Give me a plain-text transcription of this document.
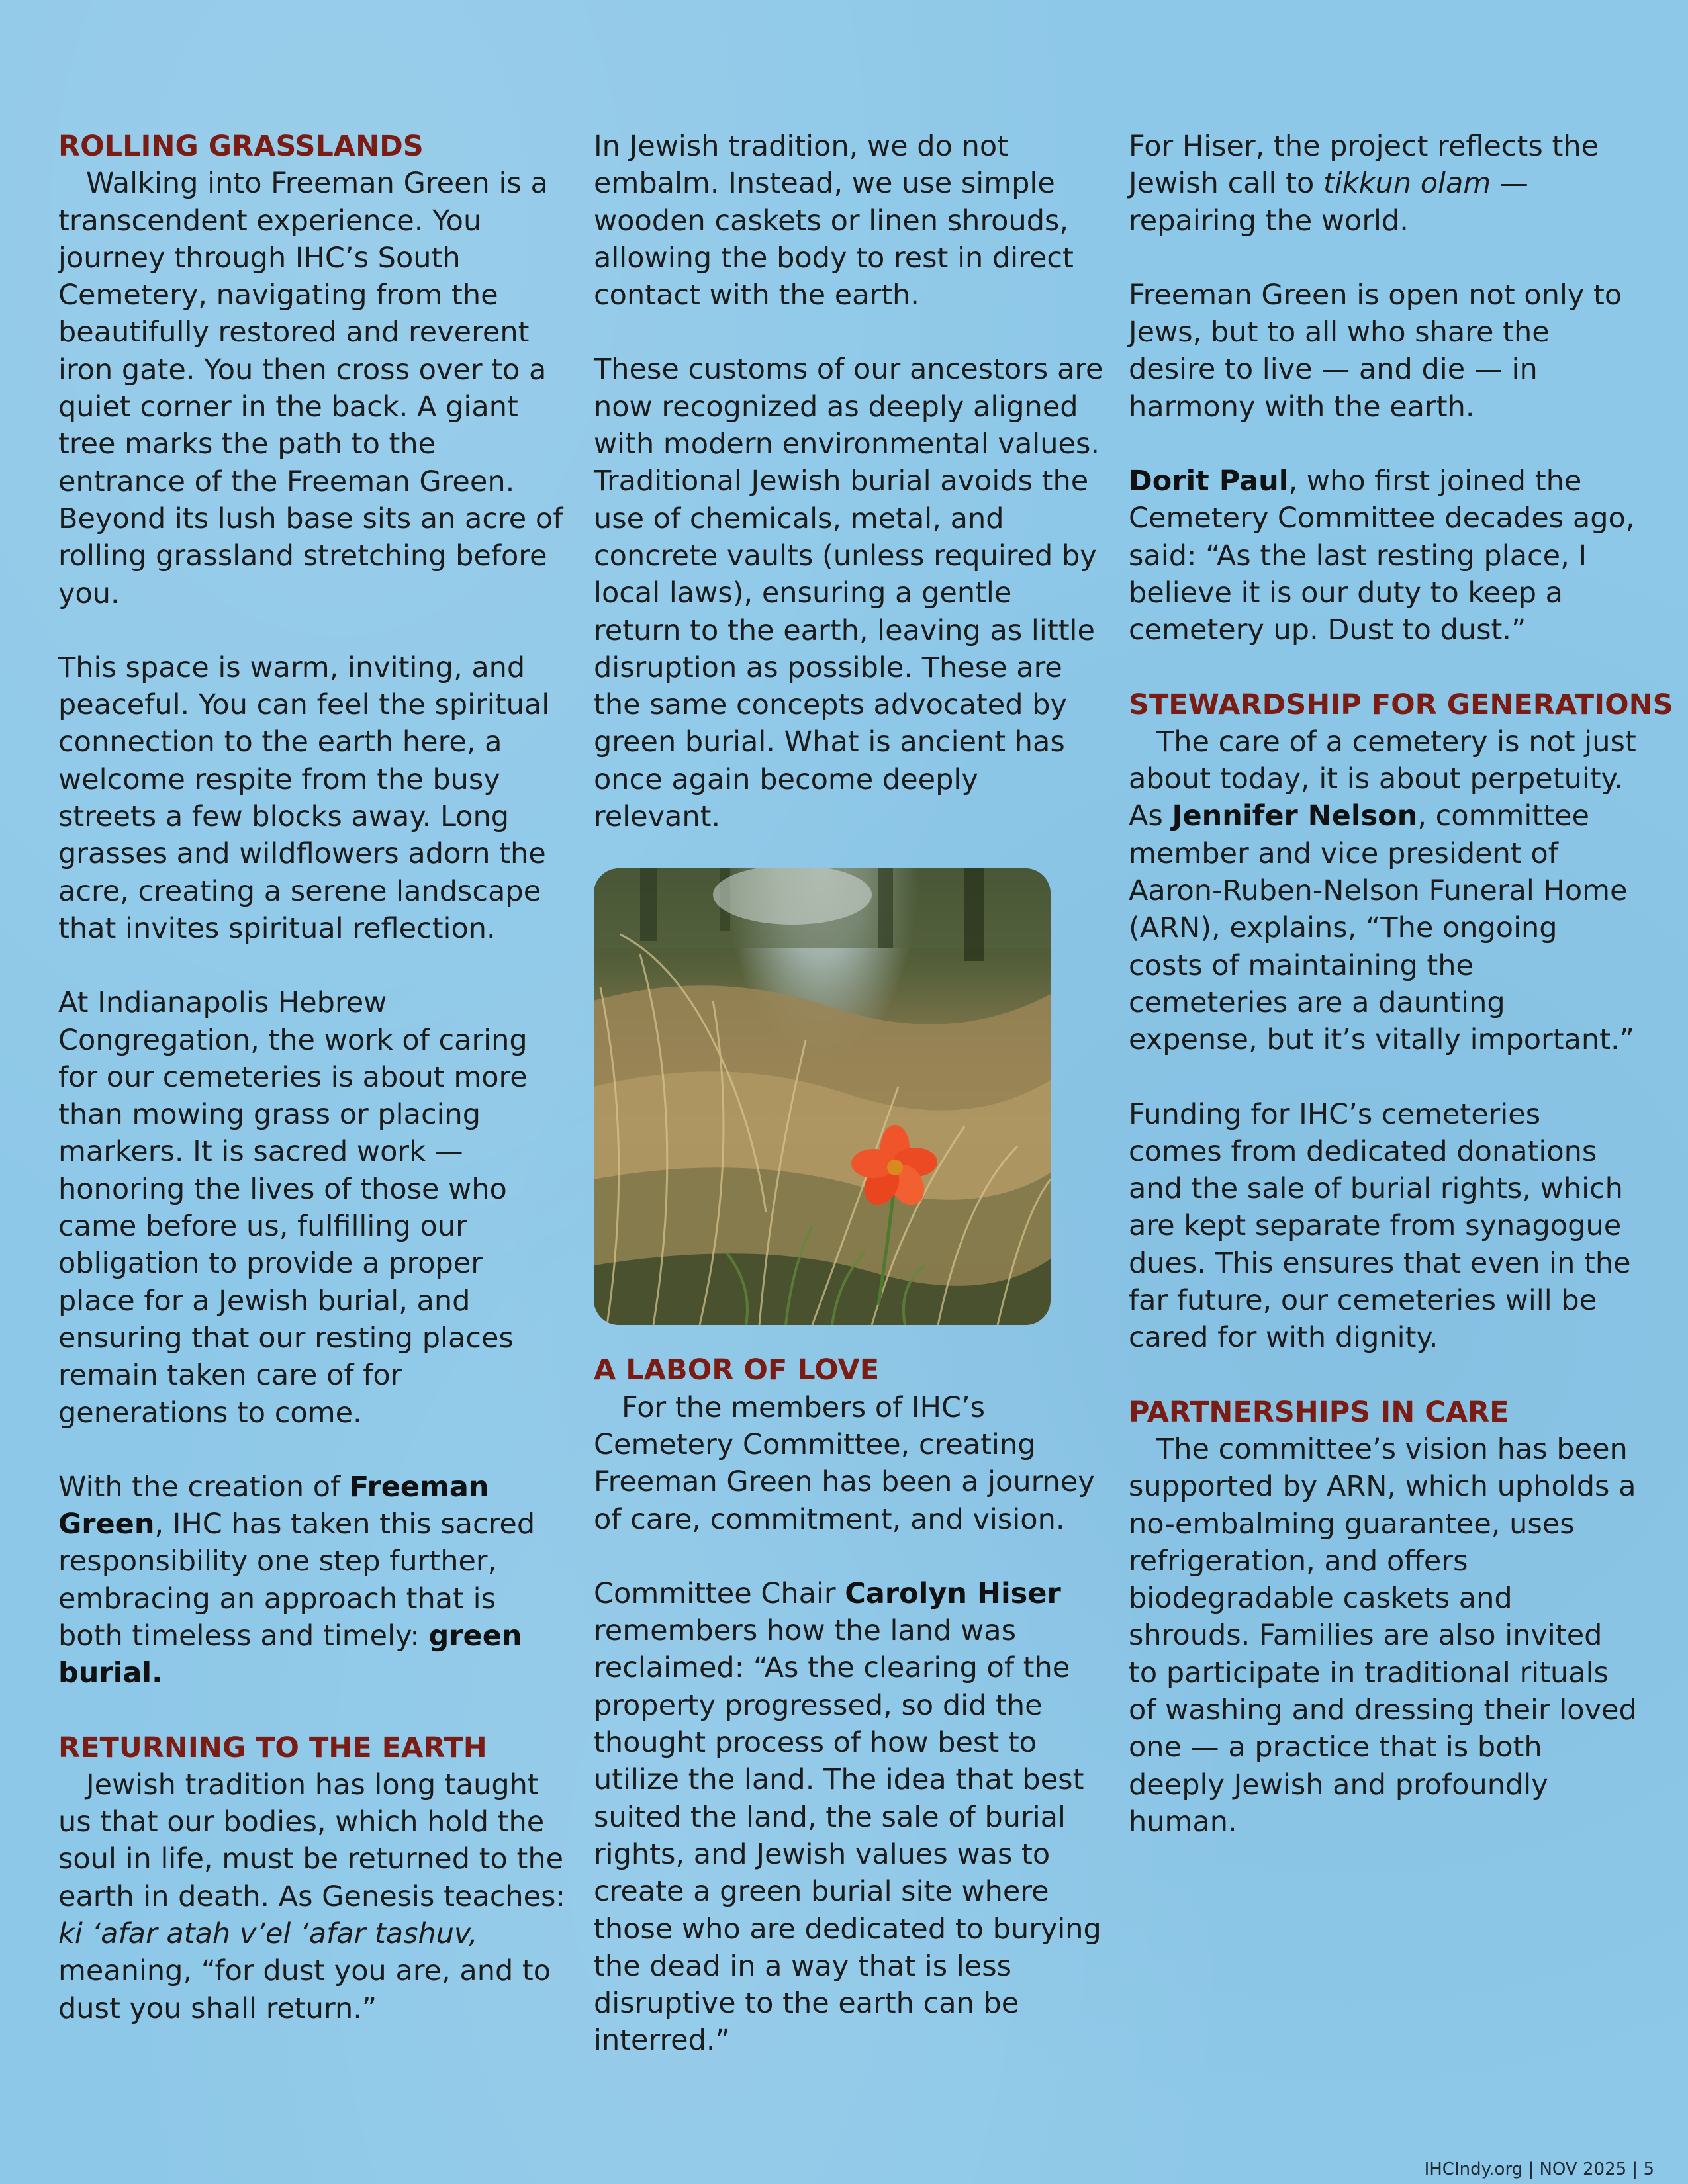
ROLLING GRASSLANDS

Walking into Freeman Green is a transcendent experience. You journey through IHC’s South Cemetery, navigating from the beautifully restored and reverent iron gate. You then cross over to a quiet corner in the back. A giant tree marks the path to the entrance of the Freeman Green. Beyond its lush base sits an acre of rolling grassland stretching before you.

This space is warm, inviting, and peaceful. You can feel the spiritual connection to the earth here, a welcome respite from the busy streets a few blocks away. Long grasses and wildflowers adorn the acre, creating a serene landscape that invites spiritual reflection.

At Indianapolis Hebrew Congregation, the work of caring for our cemeteries is about more than mowing grass or placing markers. It is sacred work — honoring the lives of those who came before us, fulfilling our obligation to provide a proper place for a Jewish burial, and ensuring that our resting places remain taken care of for generations to come.

With the creation of Freeman Green, IHC has taken this sacred responsibility one step further, embracing an approach that is both timeless and timely: green burial.

RETURNING TO THE EARTH

Jewish tradition has long taught us that our bodies, which hold the soul in life, must be returned to the earth in death. As Genesis teaches: ki ‘afar atah v’el ‘afar tashuv, meaning, “for dust you are, and to dust you shall return.”

In Jewish tradition, we do not embalm. Instead, we use simple wooden caskets or linen shrouds, allowing the body to rest in direct contact with the earth.

These customs of our ancestors are now recognized as deeply aligned with modern environmental values. Traditional Jewish burial avoids the use of chemicals, metal, and concrete vaults (unless required by local laws), ensuring a gentle return to the earth, leaving as little disruption as possible. These are the same concepts advocated by green burial. What is ancient has once again become deeply relevant.

A LABOR OF LOVE

For the members of IHC’s Cemetery Committee, creating Freeman Green has been a journey of care, commitment, and vision.

Committee Chair Carolyn Hiser remembers how the land was reclaimed: “As the clearing of the property progressed, so did the thought process of how best to utilize the land. The idea that best suited the land, the sale of burial rights, and Jewish values was to create a green burial site where those who are dedicated to burying the dead in a way that is less disruptive to the earth can be interred.”

For Hiser, the project reflects the Jewish call to tikkun olam — repairing the world.

Freeman Green is open not only to Jews, but to all who share the desire to live — and die — in harmony with the earth.

Dorit Paul, who first joined the Cemetery Committee decades ago, said: “As the last resting place, I believe it is our duty to keep a cemetery up. Dust to dust.”

STEWARDSHIP FOR GENERATIONS

The care of a cemetery is not just about today, it is about perpetuity. As Jennifer Nelson, committee member and vice president of Aaron-Ruben-Nelson Funeral Home (ARN), explains, “The ongoing costs of maintaining the cemeteries are a daunting expense, but it’s vitally important.”

Funding for IHC’s cemeteries comes from dedicated donations and the sale of burial rights, which are kept separate from synagogue dues. This ensures that even in the far future, our cemeteries will be cared for with dignity.

PARTNERSHIPS IN CARE

The committee’s vision has been supported by ARN, which upholds a no-embalming guarantee, uses refrigeration, and offers biodegradable caskets and shrouds. Families are also invited to participate in traditional rituals of washing and dressing their loved one — a practice that is both deeply Jewish and profoundly human.

IHCIndy.org | NOV 2025 | 5
